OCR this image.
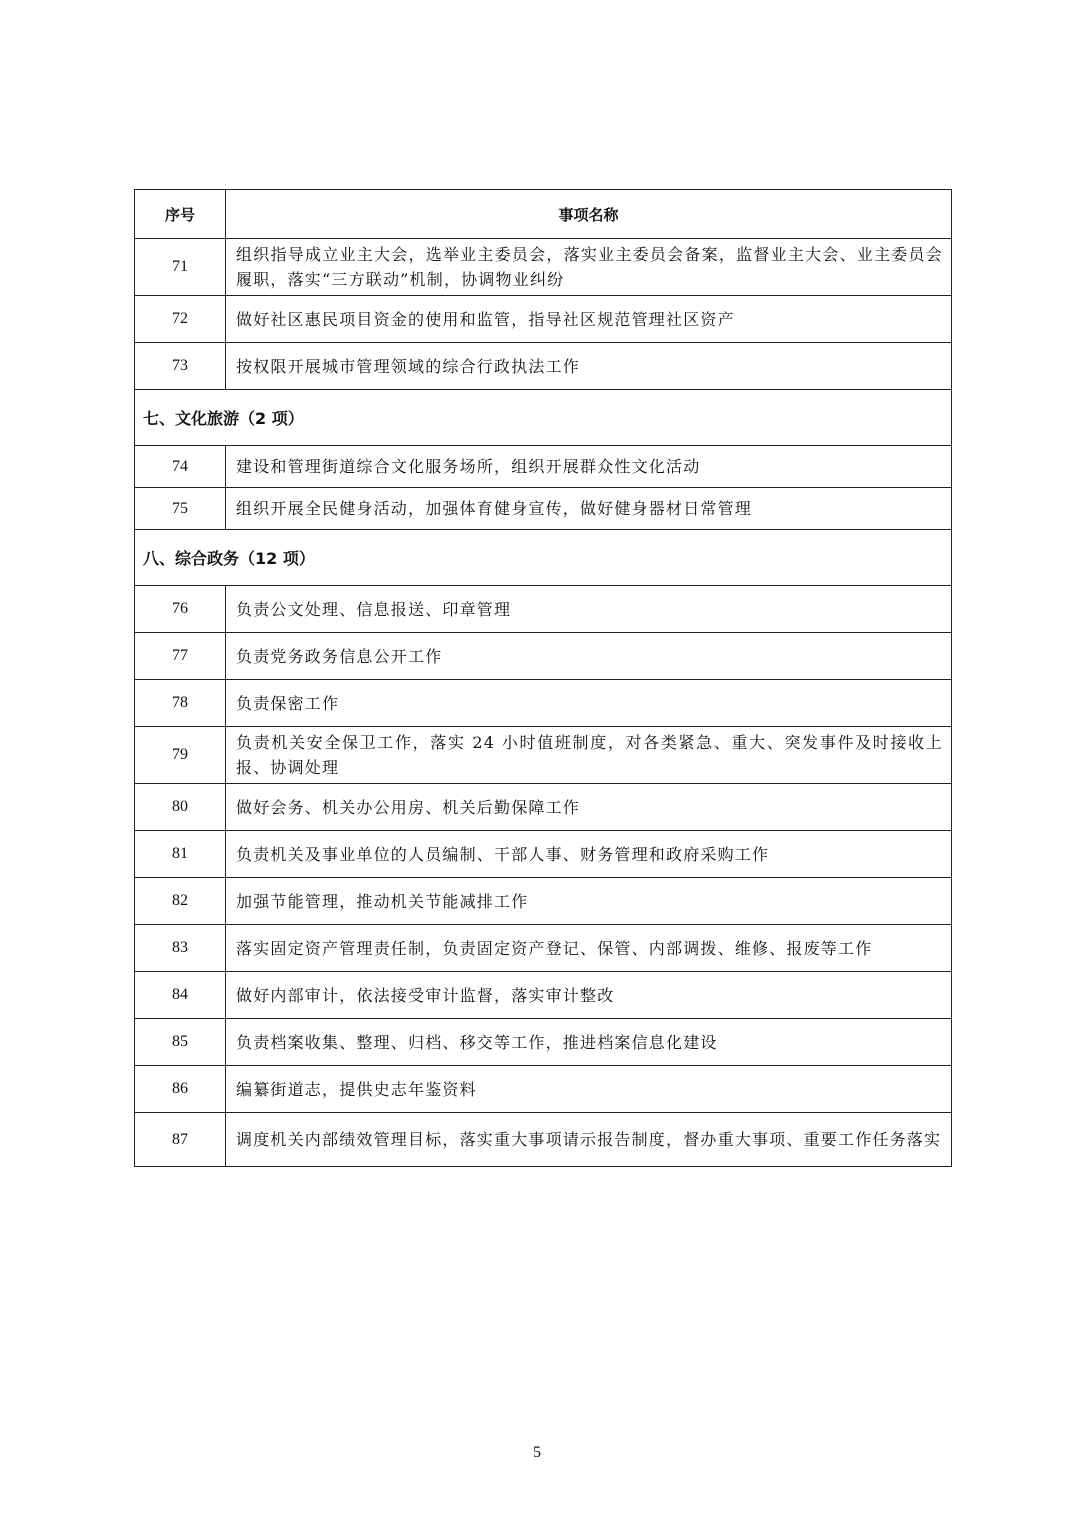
序号	事项名称
71	组织指导成立业主大会，选举业主委员会，落实业主委员会备案，监督业主大会、业主委员会履职，落实“三方联动”机制，协调物业纠纷
72	做好社区惠民项目资金的使用和监管，指导社区规范管理社区资产
73	按权限开展城市管理领域的综合行政执法工作
七、文化旅游（2 项）	
74	建设和管理街道综合文化服务场所，组织开展群众性文化活动
75	组织开展全民健身活动，加强体育健身宣传，做好健身器材日常管理
八、综合政务（12 项）	
76	负责公文处理、信息报送、印章管理
77	负责党务政务信息公开工作
78	负责保密工作
79	负责机关安全保卫工作，落实 24 小时值班制度，对各类紧急、重大、突发事件及时接收上报、协调处理
80	做好会务、机关办公用房、机关后勤保障工作
81	负责机关及事业单位的人员编制、干部人事、财务管理和政府采购工作
82	加强节能管理，推动机关节能减排工作
83	落实固定资产管理责任制，负责固定资产登记、保管、内部调拨、维修、报废等工作
84	做好内部审计，依法接受审计监督，落实审计整改
85	负责档案收集、整理、归档、移交等工作，推进档案信息化建设
86	编纂街道志，提供史志年鉴资料
87	调度机关内部绩效管理目标，落实重大事项请示报告制度，督办重大事项、重要工作任务落实
5
